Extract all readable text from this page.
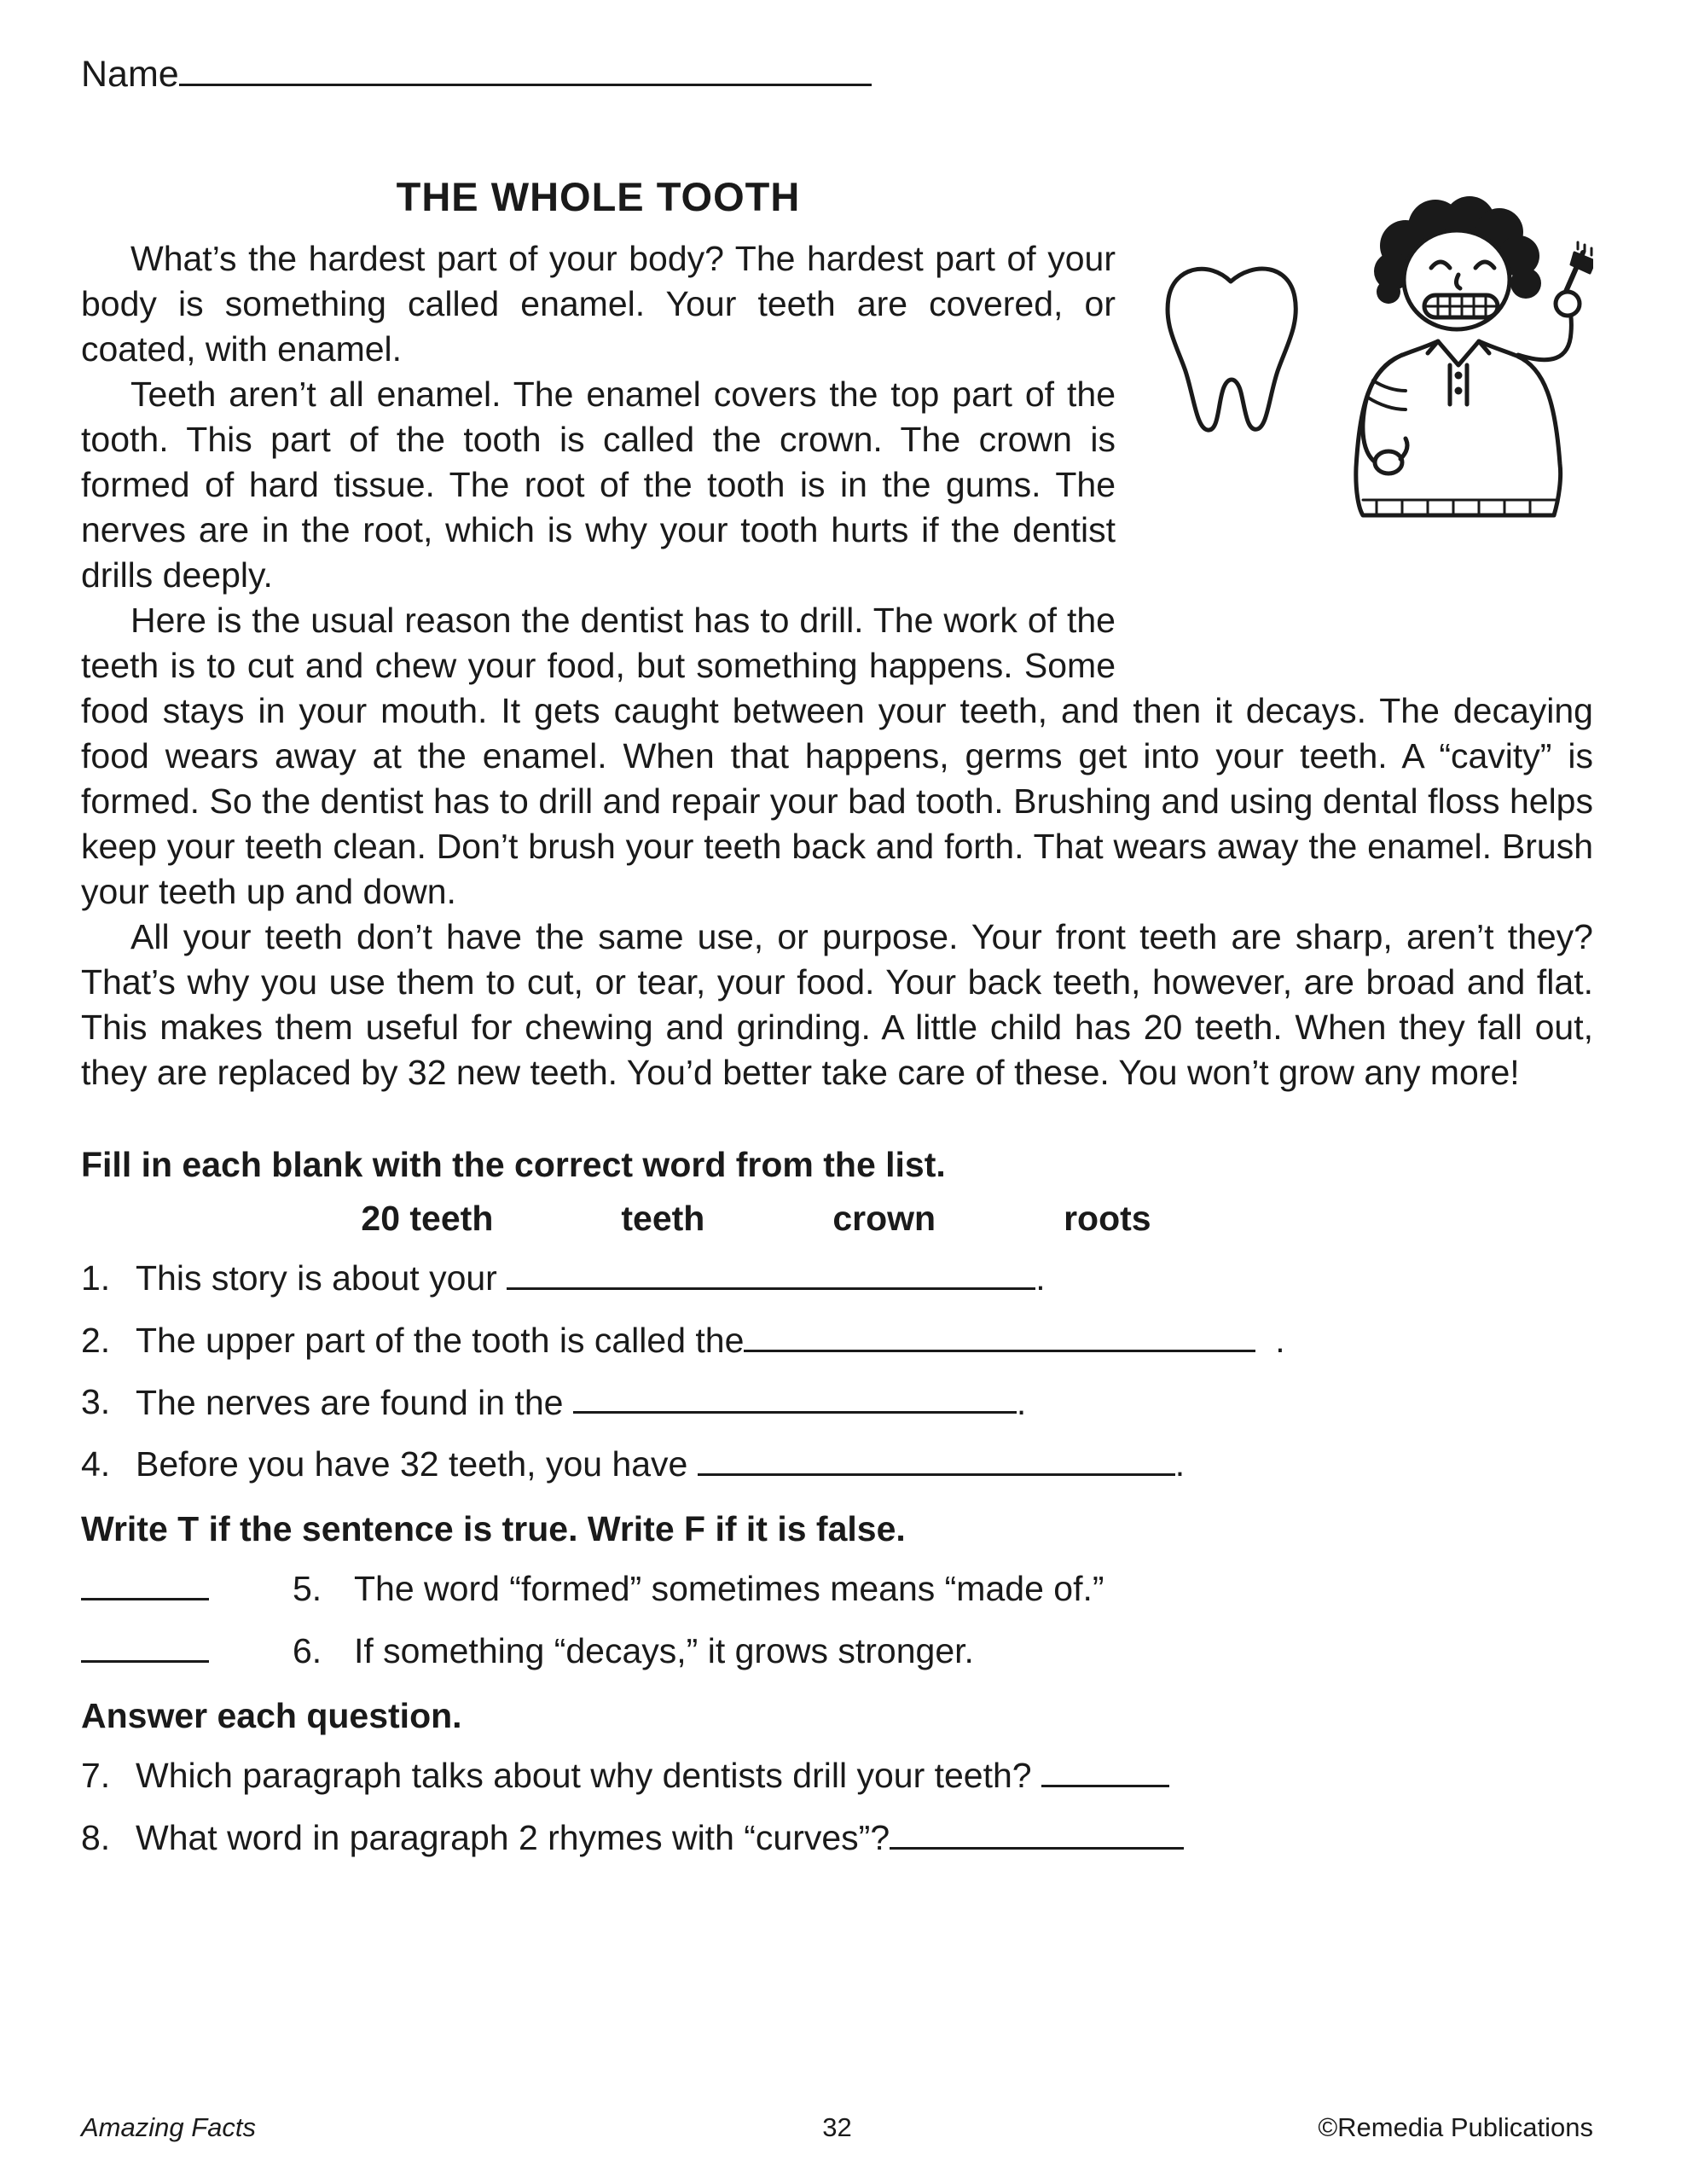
Name
THE WHOLE TOOTH

What’s the hardest part of your body? The hardest part of your body is something called enamel. Your teeth are covered, or coated, with enamel.

Teeth aren’t all enamel. The enamel covers the top part of the tooth. This part of the tooth is called the crown. The crown is formed of hard tissue. The root of the tooth is in the gums. The nerves are in the root, which is why your tooth hurts if the dentist drills deeply.

Here is the usual reason the dentist has to drill. The work of the teeth is to cut and chew your food, but something happens. Some food stays in your mouth. It gets caught between your teeth, and then it decays. The decaying food wears away at the enamel. When that happens, germs get into your teeth. A “cavity” is formed. So the dentist has to drill and repair your bad tooth. Brushing and using dental floss helps keep your teeth clean. Don’t brush your teeth back and forth. That wears away the enamel. Brush your teeth up and down.

All your teeth don’t have the same use, or purpose. Your front teeth are sharp, aren’t they? That’s why you use them to cut, or tear, your food. Your back teeth, however, are broad and flat. This makes them useful for chewing and grinding. A little child has 20 teeth. When they fall out, they are replaced by 32 new teeth. You’d better take care of these. You won’t grow any more!

Fill in each blank with the correct word from the list.
20 teeth	teeth	crown	roots
1. This story is about your	.
2. The upper part of the tooth is called the	.
3. The nerves are found in the	.
4. Before you have 32 teeth, you have	.
Write T if the sentence is true. Write F if it is false.
5. The word “formed” sometimes means “made of.”
6. If something “decays,” it grows stronger.
Answer each question.
7. Which paragraph talks about why dentists drill your teeth?
8. What word in paragraph 2 rhymes with “curves”?
Amazing Facts	32	©Remedia Publications
